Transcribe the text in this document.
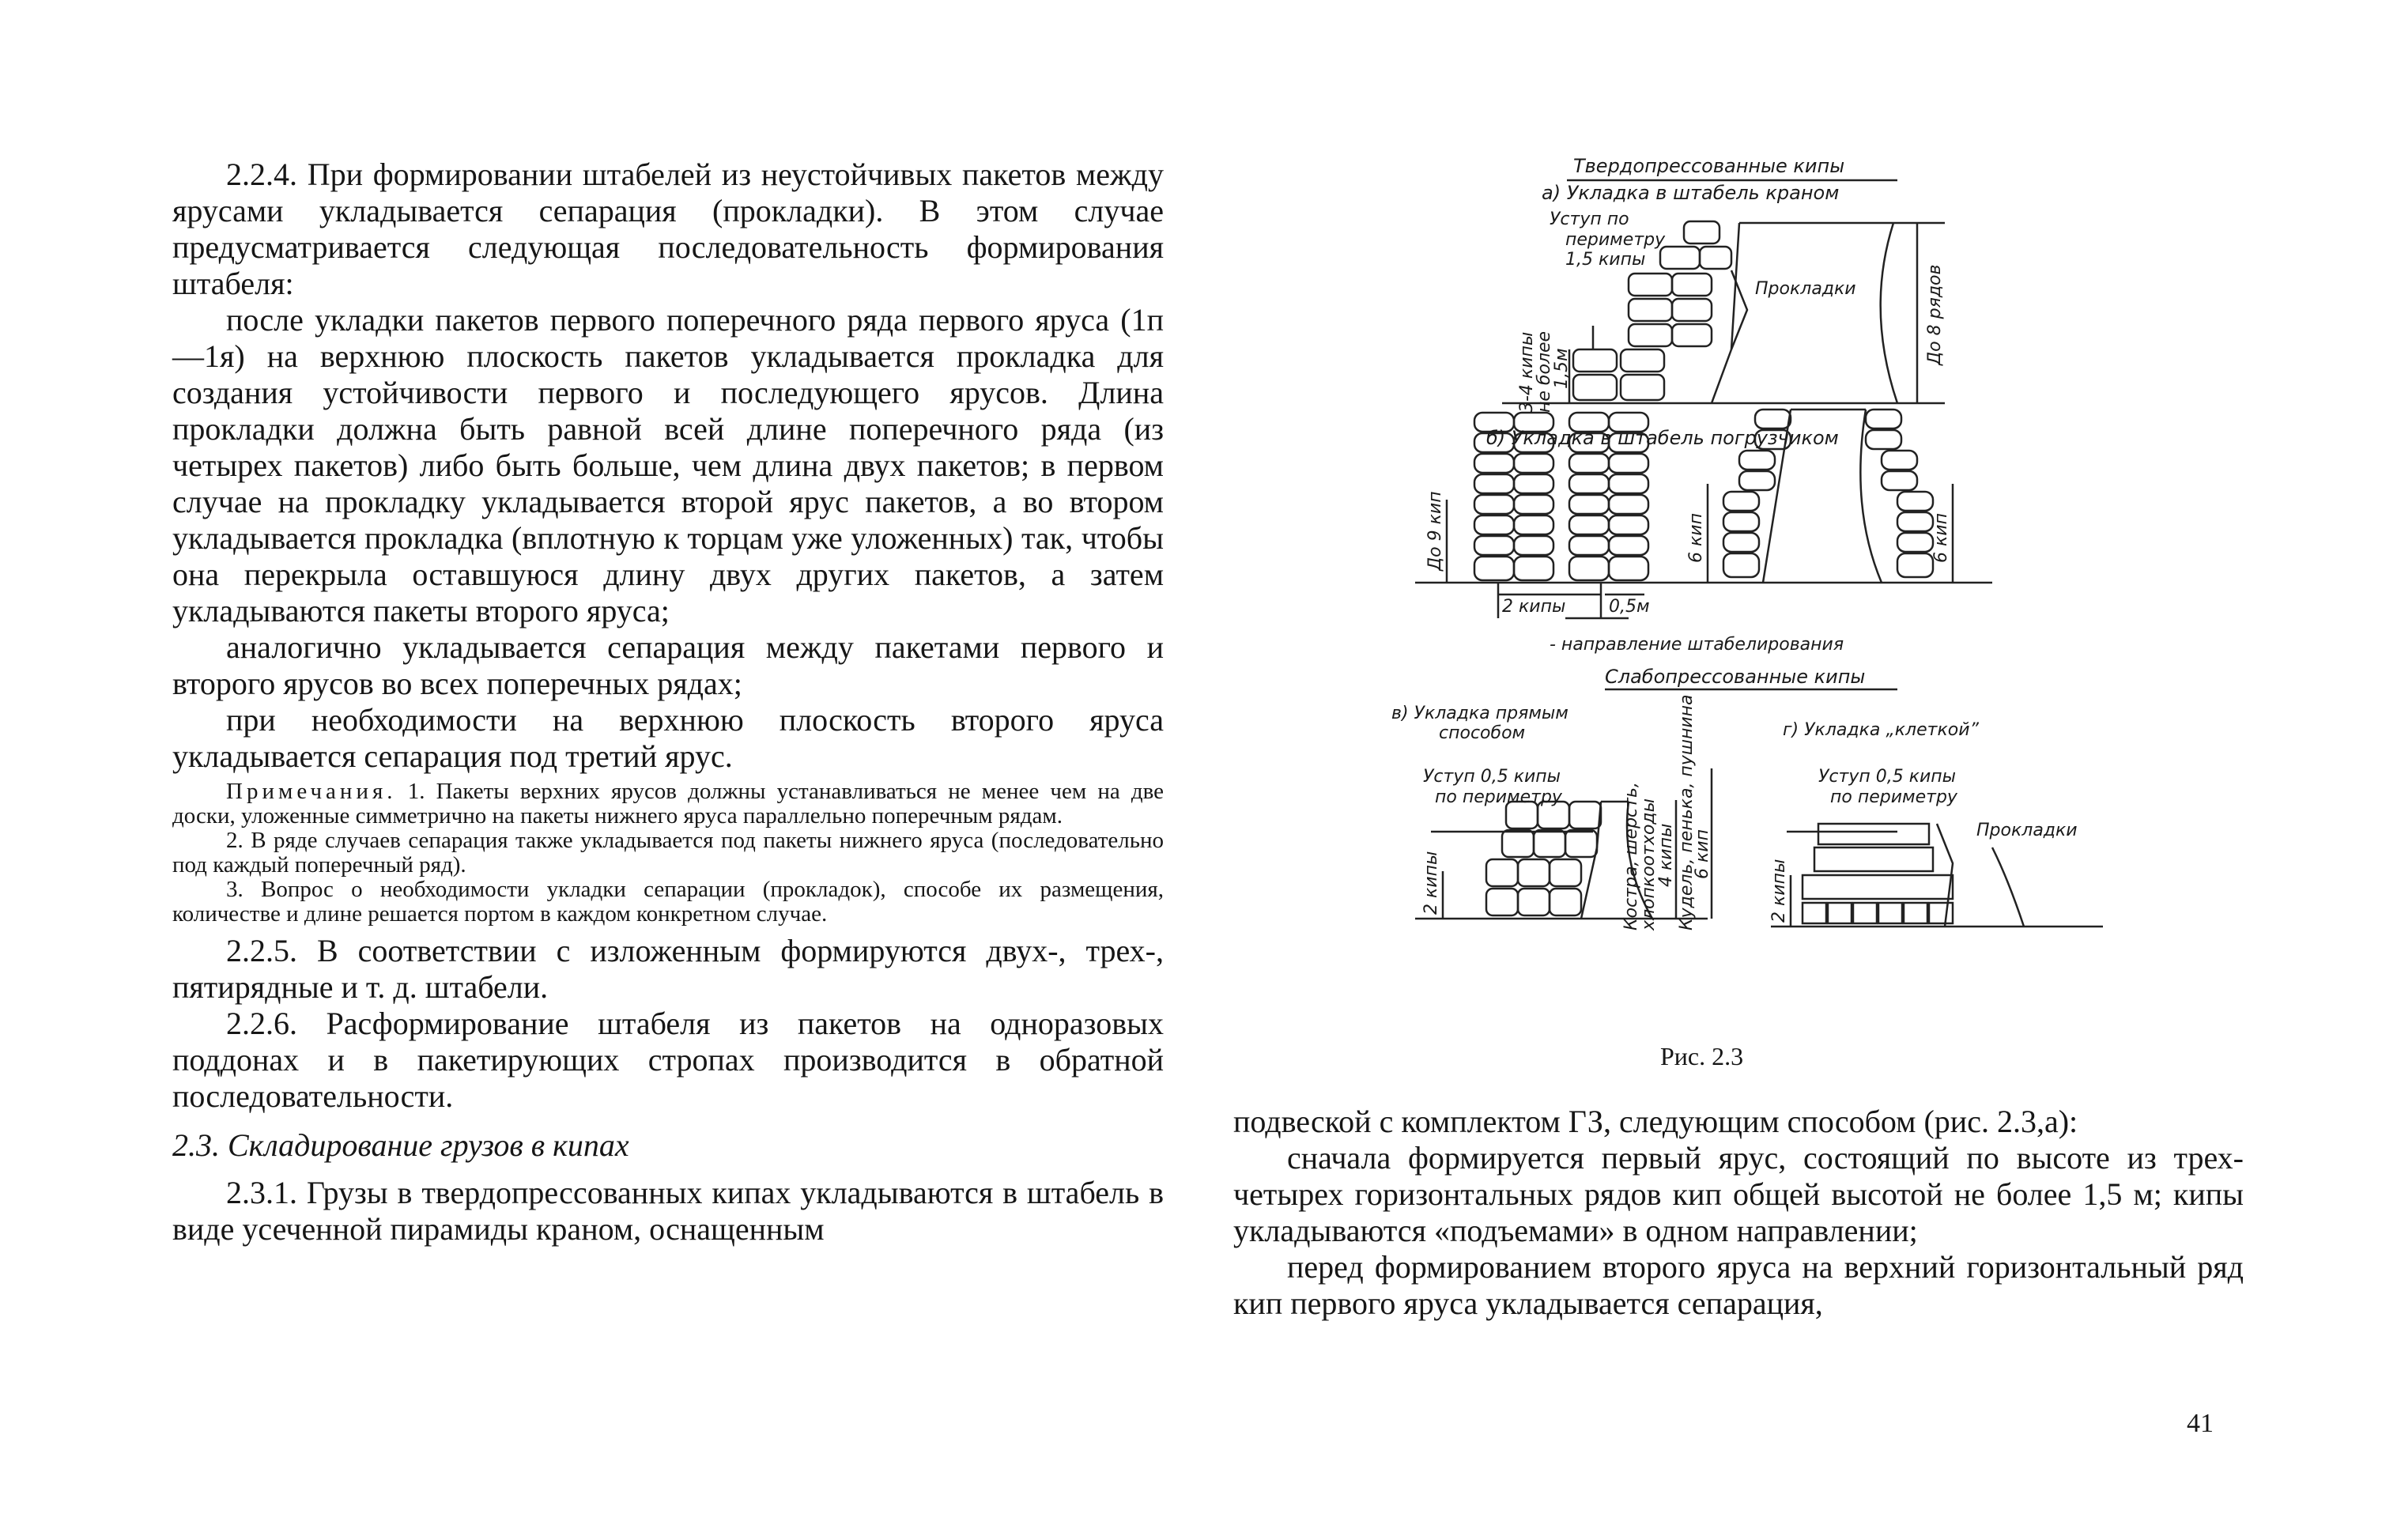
2.2.4. При формировании штабелей из неустойчивых пакетов между ярусами укладывается сепарация (прокладки). В этом случае предусматривается следующая последовательность формирования штабеля:

после укладки пакетов первого поперечного ряда первого яруса (1п—1я) на верхнюю плоскость пакетов укладывается прокладка для создания устойчивости первого и последующего ярусов. Длина прокладки должна быть равной всей длине поперечного ряда (из четырех пакетов) либо быть больше, чем длина двух пакетов; в первом случае на прокладку укладывается второй ярус пакетов, а во втором укладывается прокладка (вплотную к торцам уже уложенных) так, чтобы она перекрыла оставшуюся длину двух других пакетов, а затем укладываются пакеты второго яруса;

аналогично укладывается сепарация между пакетами первого и второго ярусов во всех поперечных рядах;

при необходимости на верхнюю плоскость второго яруса укладывается сепарация под третий ярус.

Примечания. 1. Пакеты верхних ярусов должны устанавливаться не менее чем на две доски, уложенные симметрично на пакеты нижнего яруса параллельно поперечным рядам.

2. В ряде случаев сепарация также укладывается под пакеты нижнего яруса (последовательно под каждый поперечный ряд).

3. Вопрос о необходимости укладки сепарации (прокладок), способе их размещения, количестве и длине решается портом в каждом конкретном случае.

2.2.5. В соответствии с изложенным формируются двух-, трех-, пятирядные и т. д. штабели.

2.2.6. Расформирование штабеля из пакетов на одноразовых поддонах и в пакетирующих стропах производится в обратной последовательности.

2.3. Складирование грузов в кипах

2.3.1. Грузы в твердопрессованных кипах укладываются в штабель в виде усеченной пирамиды краном, оснащенным

Твердопрессованные кипы
а) Укладка в штабель краном
Уступ по
периметру
1,5 кипы
Прокладки
3-4 кипы
не более
1,5м
До 8 рядов
б) Укладка в штабель погрузчиком
До 9 кип	6 кип	6 кип
2 кипы 0,5м
- направление штабелирования
Слабопрессованные кипы
в) Укладка прямым
способом
Уступ 0,5 кипы
по периметру
2 кипы	Костра, шерсть,
хлопкоотходы
4 кипы Кудель, пенька, пушнина
6 кип
г) Укладка „клеткой”
Уступ 0,5 кипы
по периметру
Прокладки
2 кипы
Рис. 2.3

подвеской с комплектом ГЗ, следующим способом (рис. 2.3,а):

сначала формируется первый ярус, состоящий по высоте из трех-четырех горизонтальных рядов кип общей высотой не более 1,5 м; кипы укладываются «подъемами» в одном направлении;

перед формированием второго яруса на верхний горизонтальный ряд кип первого яруса укладывается сепарация,

41
